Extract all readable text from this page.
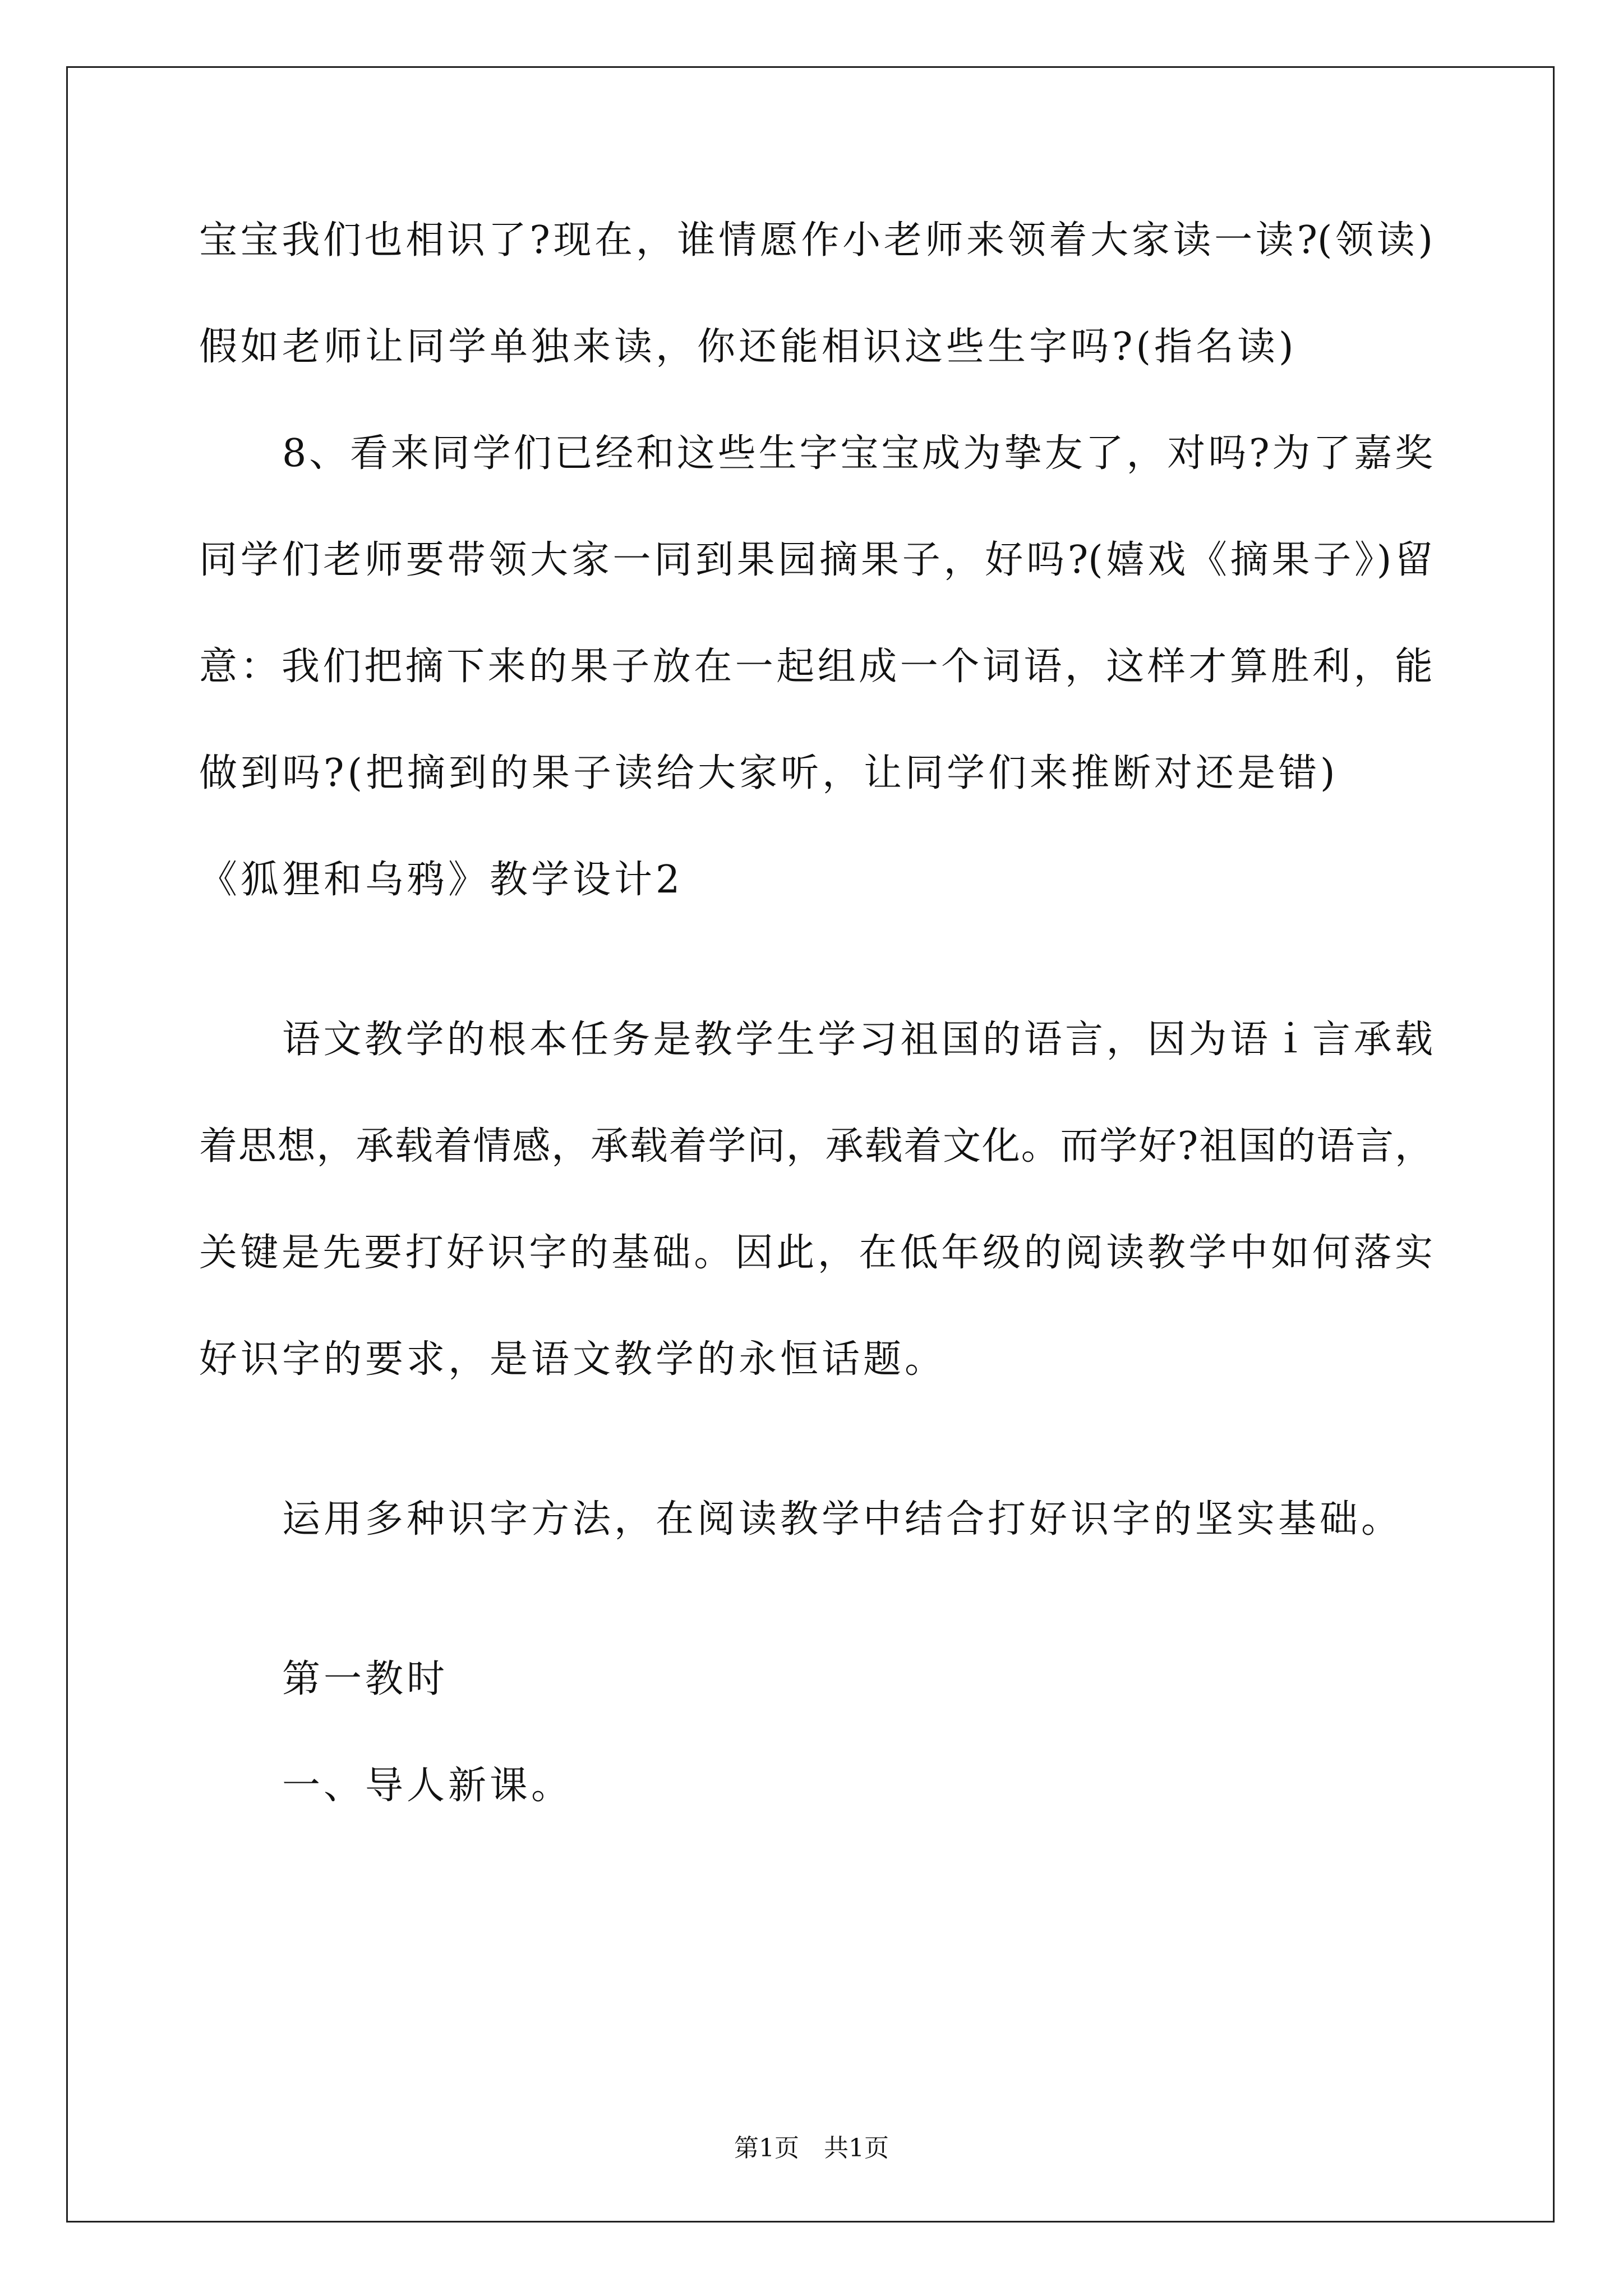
宝宝我们也相识了?现在，谁情愿作小老师来领着大家读一读?(领读)
假如老师让同学单独来读，你还能相识这些生字吗?(指名读)
8、看来同学们已经和这些生字宝宝成为挚友了，对吗?为了嘉奖
同学们老师要带领大家一同到果园摘果子，好吗?(嬉戏《摘果子》)留
意：我们把摘下来的果子放在一起组成一个词语，这样才算胜利，能
做到吗?(把摘到的果子读给大家听，让同学们来推断对还是错)
《狐狸和乌鸦》教学设计2
语文教学的根本任务是教学生学习祖国的语言，因为语ｉ言承载
着思想，承载着情感，承载着学问，承载着文化。而学好?祖国的语言，
关键是先要打好识字的基础。因此，在低年级的阅读教学中如何落实
好识字的要求，是语文教学的永恒话题。
运用多种识字方法，在阅读教学中结合打好识字的坚实基础。
第一教时
一、导人新课。
第1页　共1页
